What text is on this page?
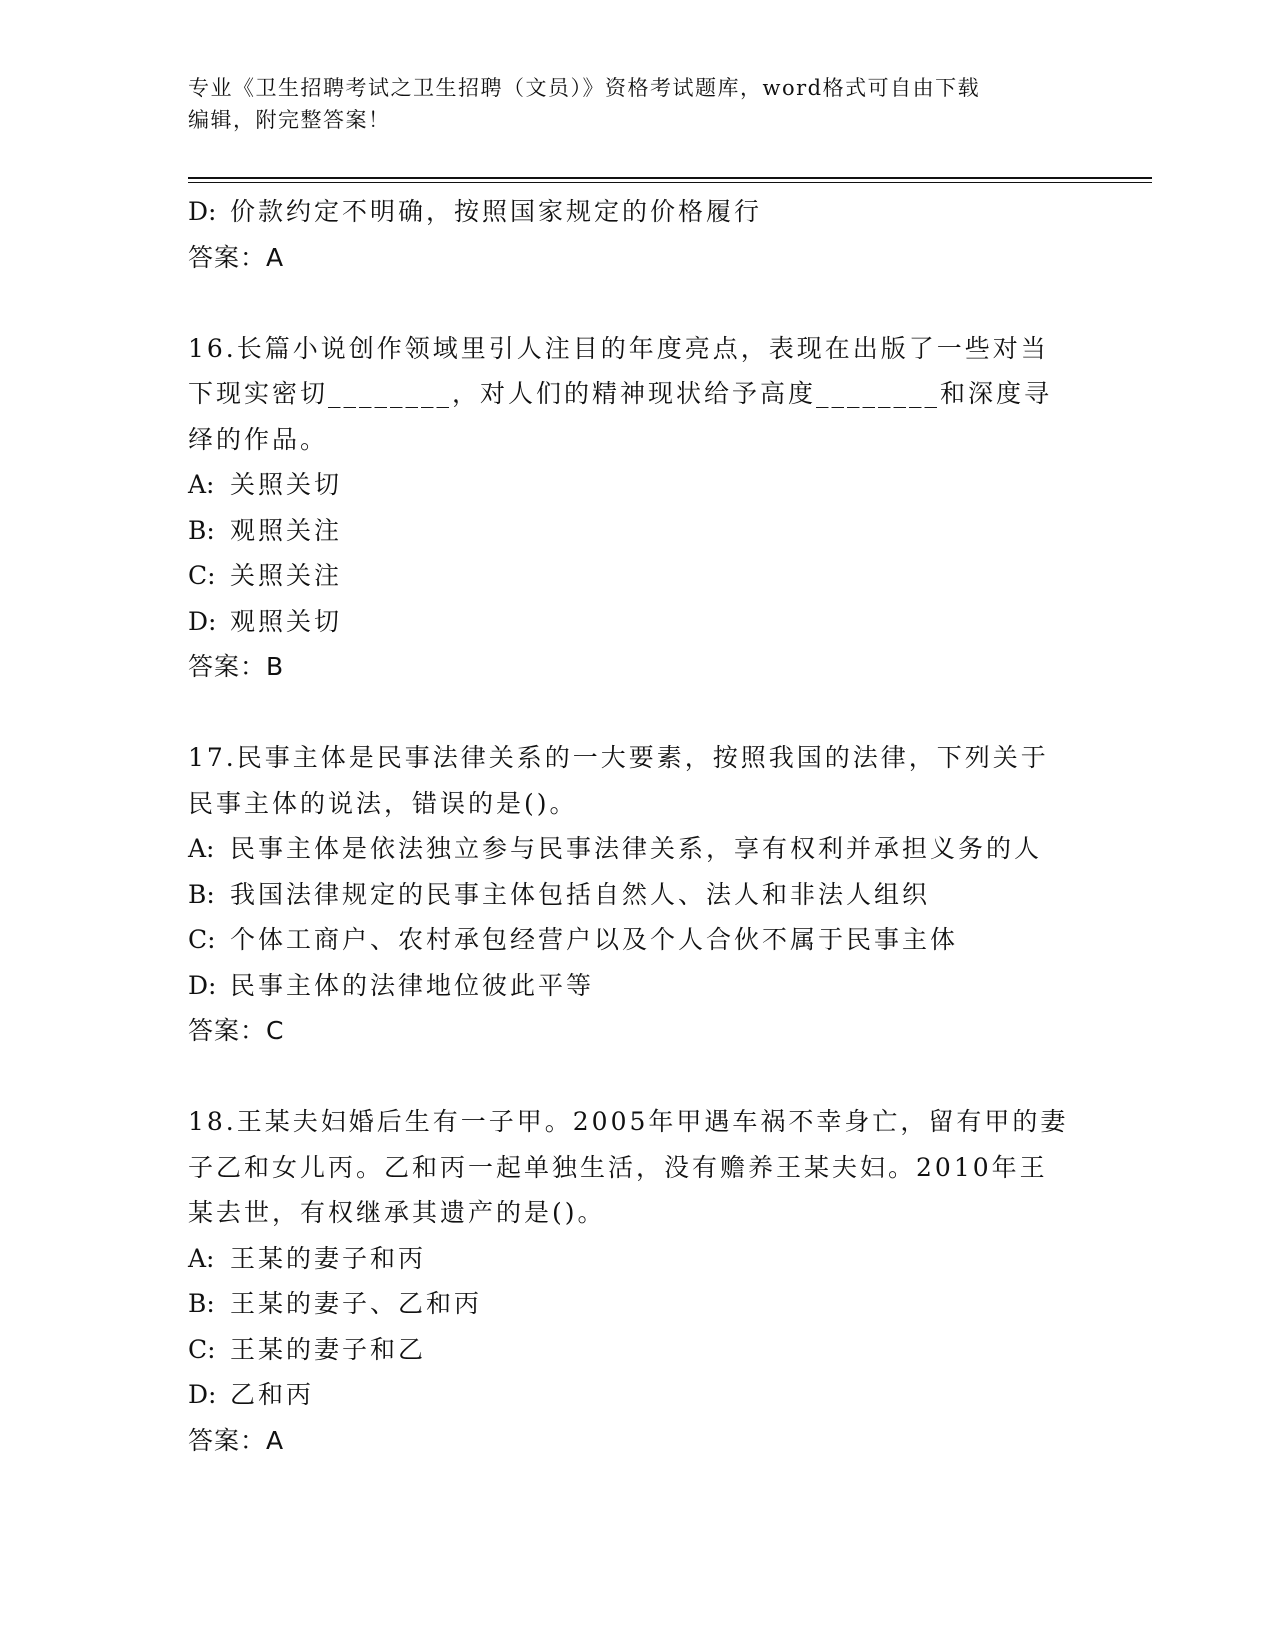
专业《卫生招聘考试之卫生招聘（文员）》资格考试题库，word格式可自由下载
编辑，附完整答案！
D: 价款约定不明确，按照国家规定的价格履行
答案：A
16.长篇小说创作领域里引人注目的年度亮点，表现在出版了一些对当
下现实密切________，对人们的精神现状给予高度________和深度寻
绎的作品。
A: 关照关切
B: 观照关注
C: 关照关注
D: 观照关切
答案：B
17.民事主体是民事法律关系的一大要素，按照我国的法律，下列关于
民事主体的说法，错误的是()。
A: 民事主体是依法独立参与民事法律关系，享有权利并承担义务的人
B: 我国法律规定的民事主体包括自然人、法人和非法人组织
C: 个体工商户、农村承包经营户以及个人合伙不属于民事主体
D: 民事主体的法律地位彼此平等
答案：C
18.王某夫妇婚后生有一子甲。2005年甲遇车祸不幸身亡，留有甲的妻
子乙和女儿丙。乙和丙一起单独生活，没有赡养王某夫妇。2010年王
某去世，有权继承其遗产的是()。
A: 王某的妻子和丙
B: 王某的妻子、乙和丙
C: 王某的妻子和乙
D: 乙和丙
答案：A
